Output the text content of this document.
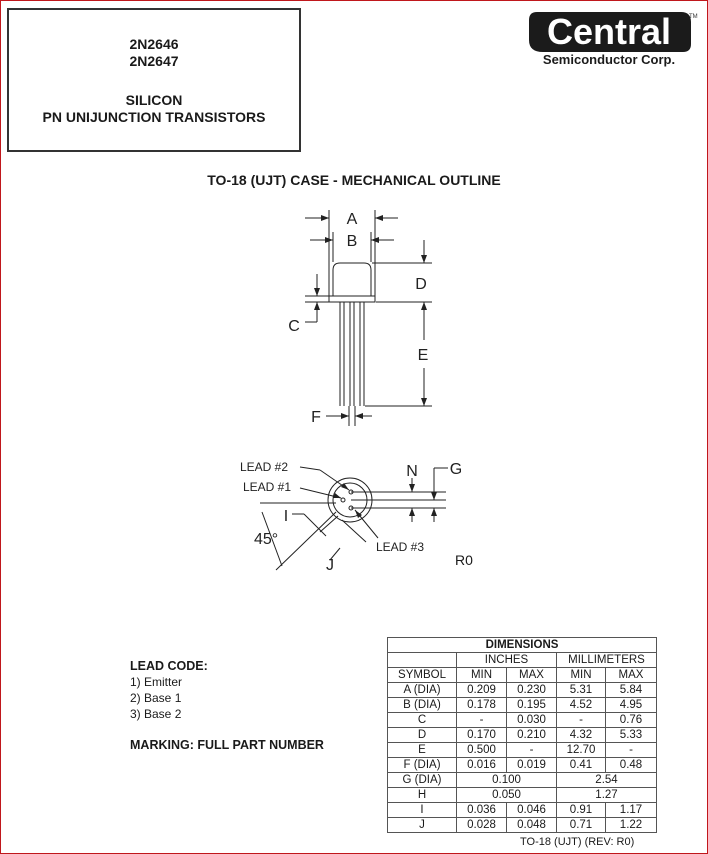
2N2646
2N2647
SILICON
PN UNIJUNCTION TRANSISTORS
Central	TM
Semiconductor Corp.
TO-18 (UJT) CASE - MECHANICAL OUTLINE
A
B
D
C
E
F
N G
I
J
LEAD #2
LEAD #1
LEAD #3
45°
R0
LEAD CODE:
1) Emitter
2) Base 1
3) Base 2
MARKING: FULL PART NUMBER
DIMENSIONS				
	INCHES		MILLIMETERS	
SYMBOL	MIN	MAX	MIN	MAX
A (DIA)	0.209	0.230	5.31	5.84
B (DIA)	0.178	0.195	4.52	4.95
C	-	0.030	-	0.76
D	0.170	0.210	4.32	5.33
E	0.500	-	12.70	-
F (DIA)	0.016	0.019	0.41	0.48
G (DIA)	0.100		2.54	
H	0.050		1.27	
I	0.036	0.046	0.91	1.17
J	0.028	0.048	0.71	1.22
TO-18 (UJT) (REV: R0)
